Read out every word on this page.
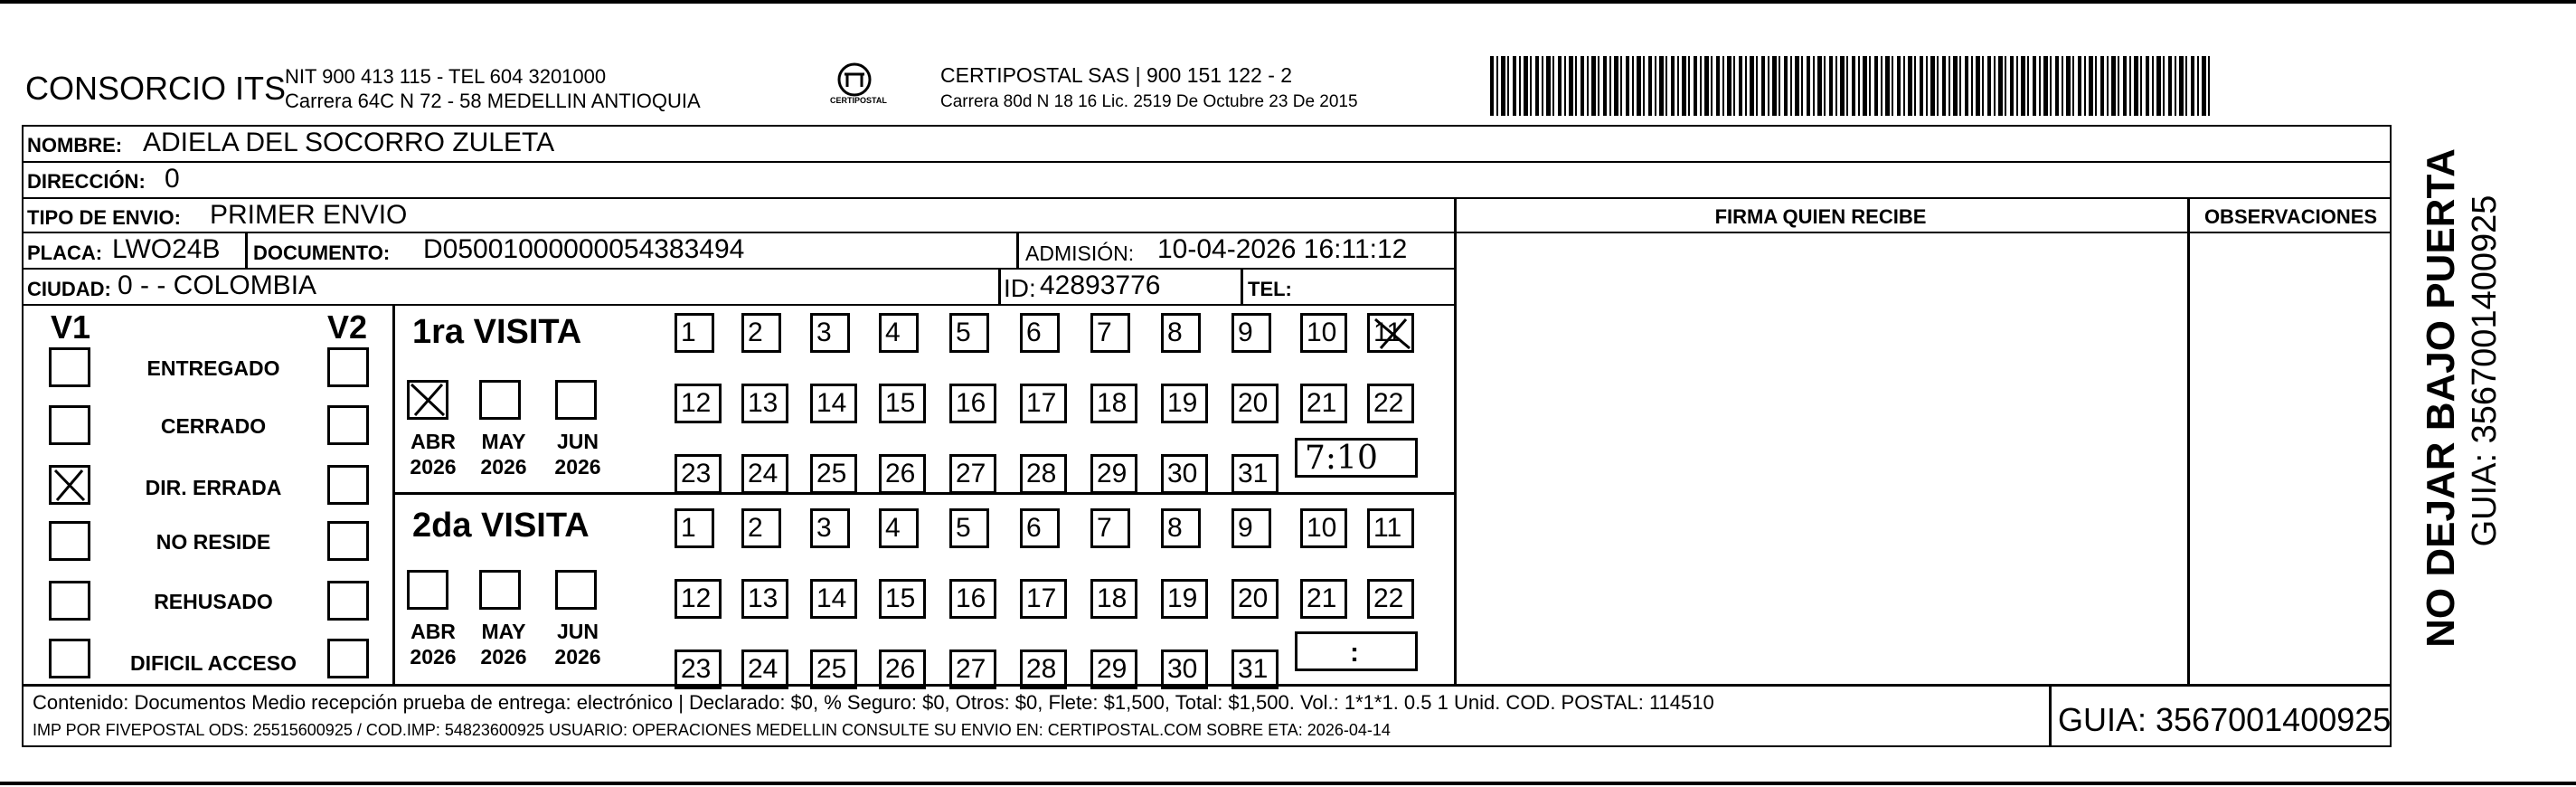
CONSORCIO ITS
NIT 900 413 115 - TEL 604 3201000
Carrera 64C N 72 - 58 MEDELLIN ANTIOQUIA	CERTIPOSTAL
CERTIPOSTAL SAS | 900 151 122 - 2
Carrera 80d N 18 16 Lic. 2519 De Octubre 23 De 2015
NOMBRE: ADIELA DEL SOCORRO ZULETA
DIRECCIÓN: 0
TIPO DE ENVIO: PRIMER ENVIO
PLACA: LWO24B DOCUMENTO: D05001000000054383494	ADMISIÓN: 10-04-2026 16:11:12
CIUDAD: 0 - - COLOMBIA	ID: 42893776	TEL:
FIRMA QUIEN RECIBE	OBSERVACIONES
V1	V2
ENTREGADO
CERRADO
DIR. ERRADA
NO RESIDE
REHUSADO
DIFICIL ACCESO
1ra VISITA
ABR	MAY	JUN
2026	2026	2026
1	2	3	4	5	6	7	8	9	10	11
12	13	14	15	16	17	18	19	20	21	22
23	24	25	26	27	28	29	30	31	7:10
2da VISITA
ABR	MAY	JUN
2026	2026	2026
1	2	3	4	5	6	7	8	9	10	11
12	13	14	15	16	17	18	19	20	21	22
23	24	25	26	27	28	29	30	31
:
Contenido: Documentos Medio recepción prueba de entrega: electrónico | Declarado: $0, % Seguro: $0, Otros: $0, Flete: $1,500, Total: $1,500. Vol.: 1*1*1. 0.5 1 Unid. COD. POSTAL: 114510
IMP POR FIVEPOSTAL ODS: 25515600925 / COD.IMP: 54823600925 USUARIO: OPERACIONES MEDELLIN CONSULTE SU ENVIO EN: CERTIPOSTAL.COM SOBRE ETA: 2026-04-14	GUIA: 3567001400925
NO DEJAR BAJO PUERTA GUIA: 3567001400925
